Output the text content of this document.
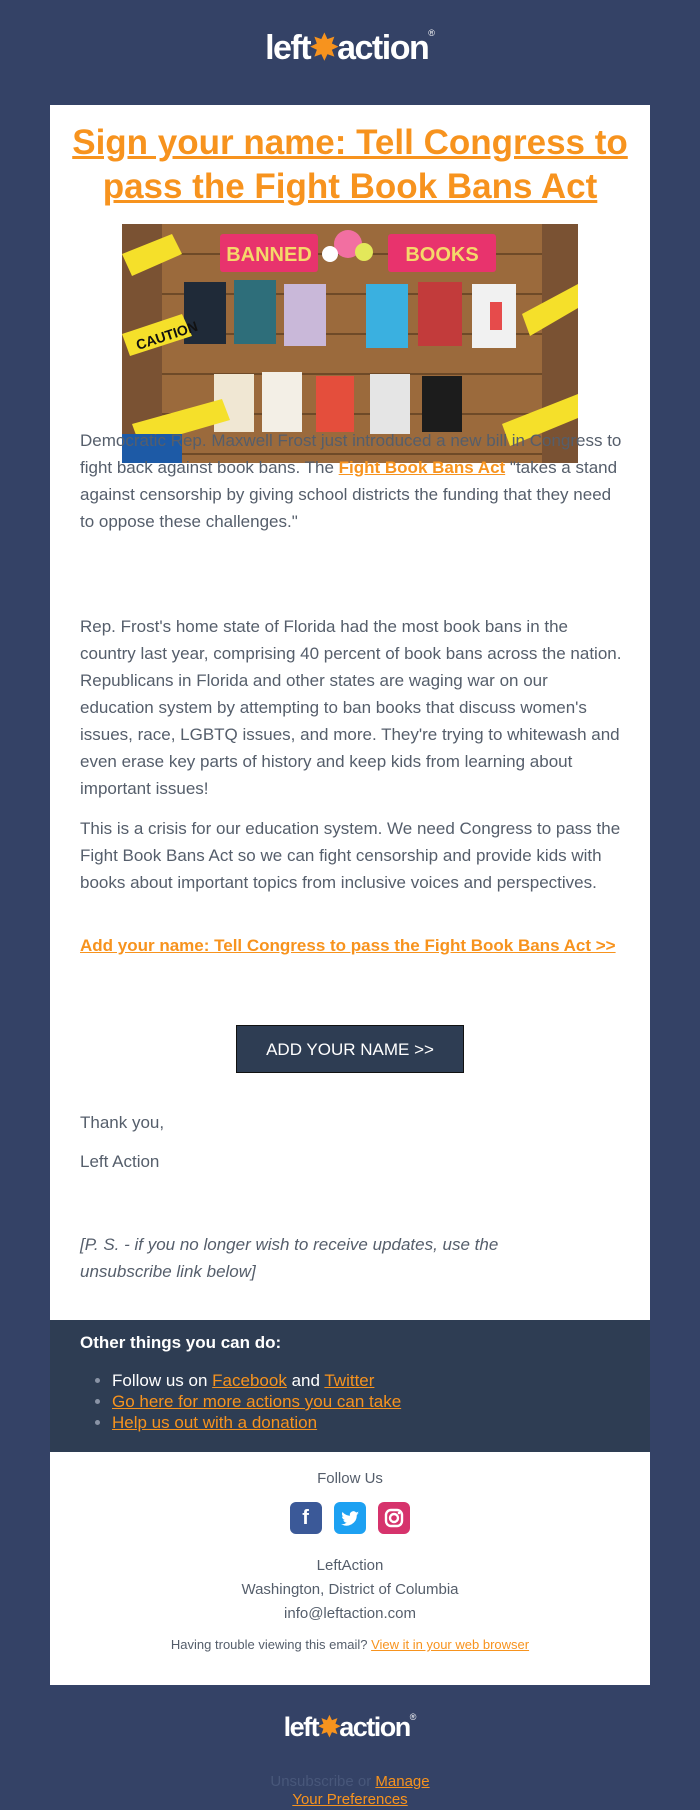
left✸action®
Sign your name: Tell Congress to pass the Fight Book Bans Act
BANNED	BOOKS
CAUTION

Democratic Rep. Maxwell Frost just introduced a new bill in Congress to fight back against book bans. The Fight Book Bans Act "takes a stand against censorship by giving school districts the funding that they need to oppose these challenges."

Rep. Frost's home state of Florida had the most book bans in the country last year, comprising 40 percent of book bans across the nation. Republicans in Florida and other states are waging war on our education system by attempting to ban books that discuss women's issues, race, LGBTQ issues, and more. They're trying to whitewash and even erase key parts of history and keep kids from learning about important issues!

This is a crisis for our education system. We need Congress to pass the Fight Book Bans Act so we can fight censorship and provide kids with books about important topics from inclusive voices and perspectives.

Add your name: Tell Congress to pass the Fight Book Bans Act >>

ADD YOUR NAME >>

Thank you,

Left Action

[P. S. - if you no longer wish to receive updates, use the unsubscribe link below]

Other things you can do:
• Follow us on Facebook and Twitter
• Go here for more actions you can take
• Help us out with a donation
Follow Us
f

LeftAction
Washington, District of Columbia
info@leftaction.com

Having trouble viewing this email? View it in your web browser
left✸action®
Unsubscribe or Manage
Your Preferences
